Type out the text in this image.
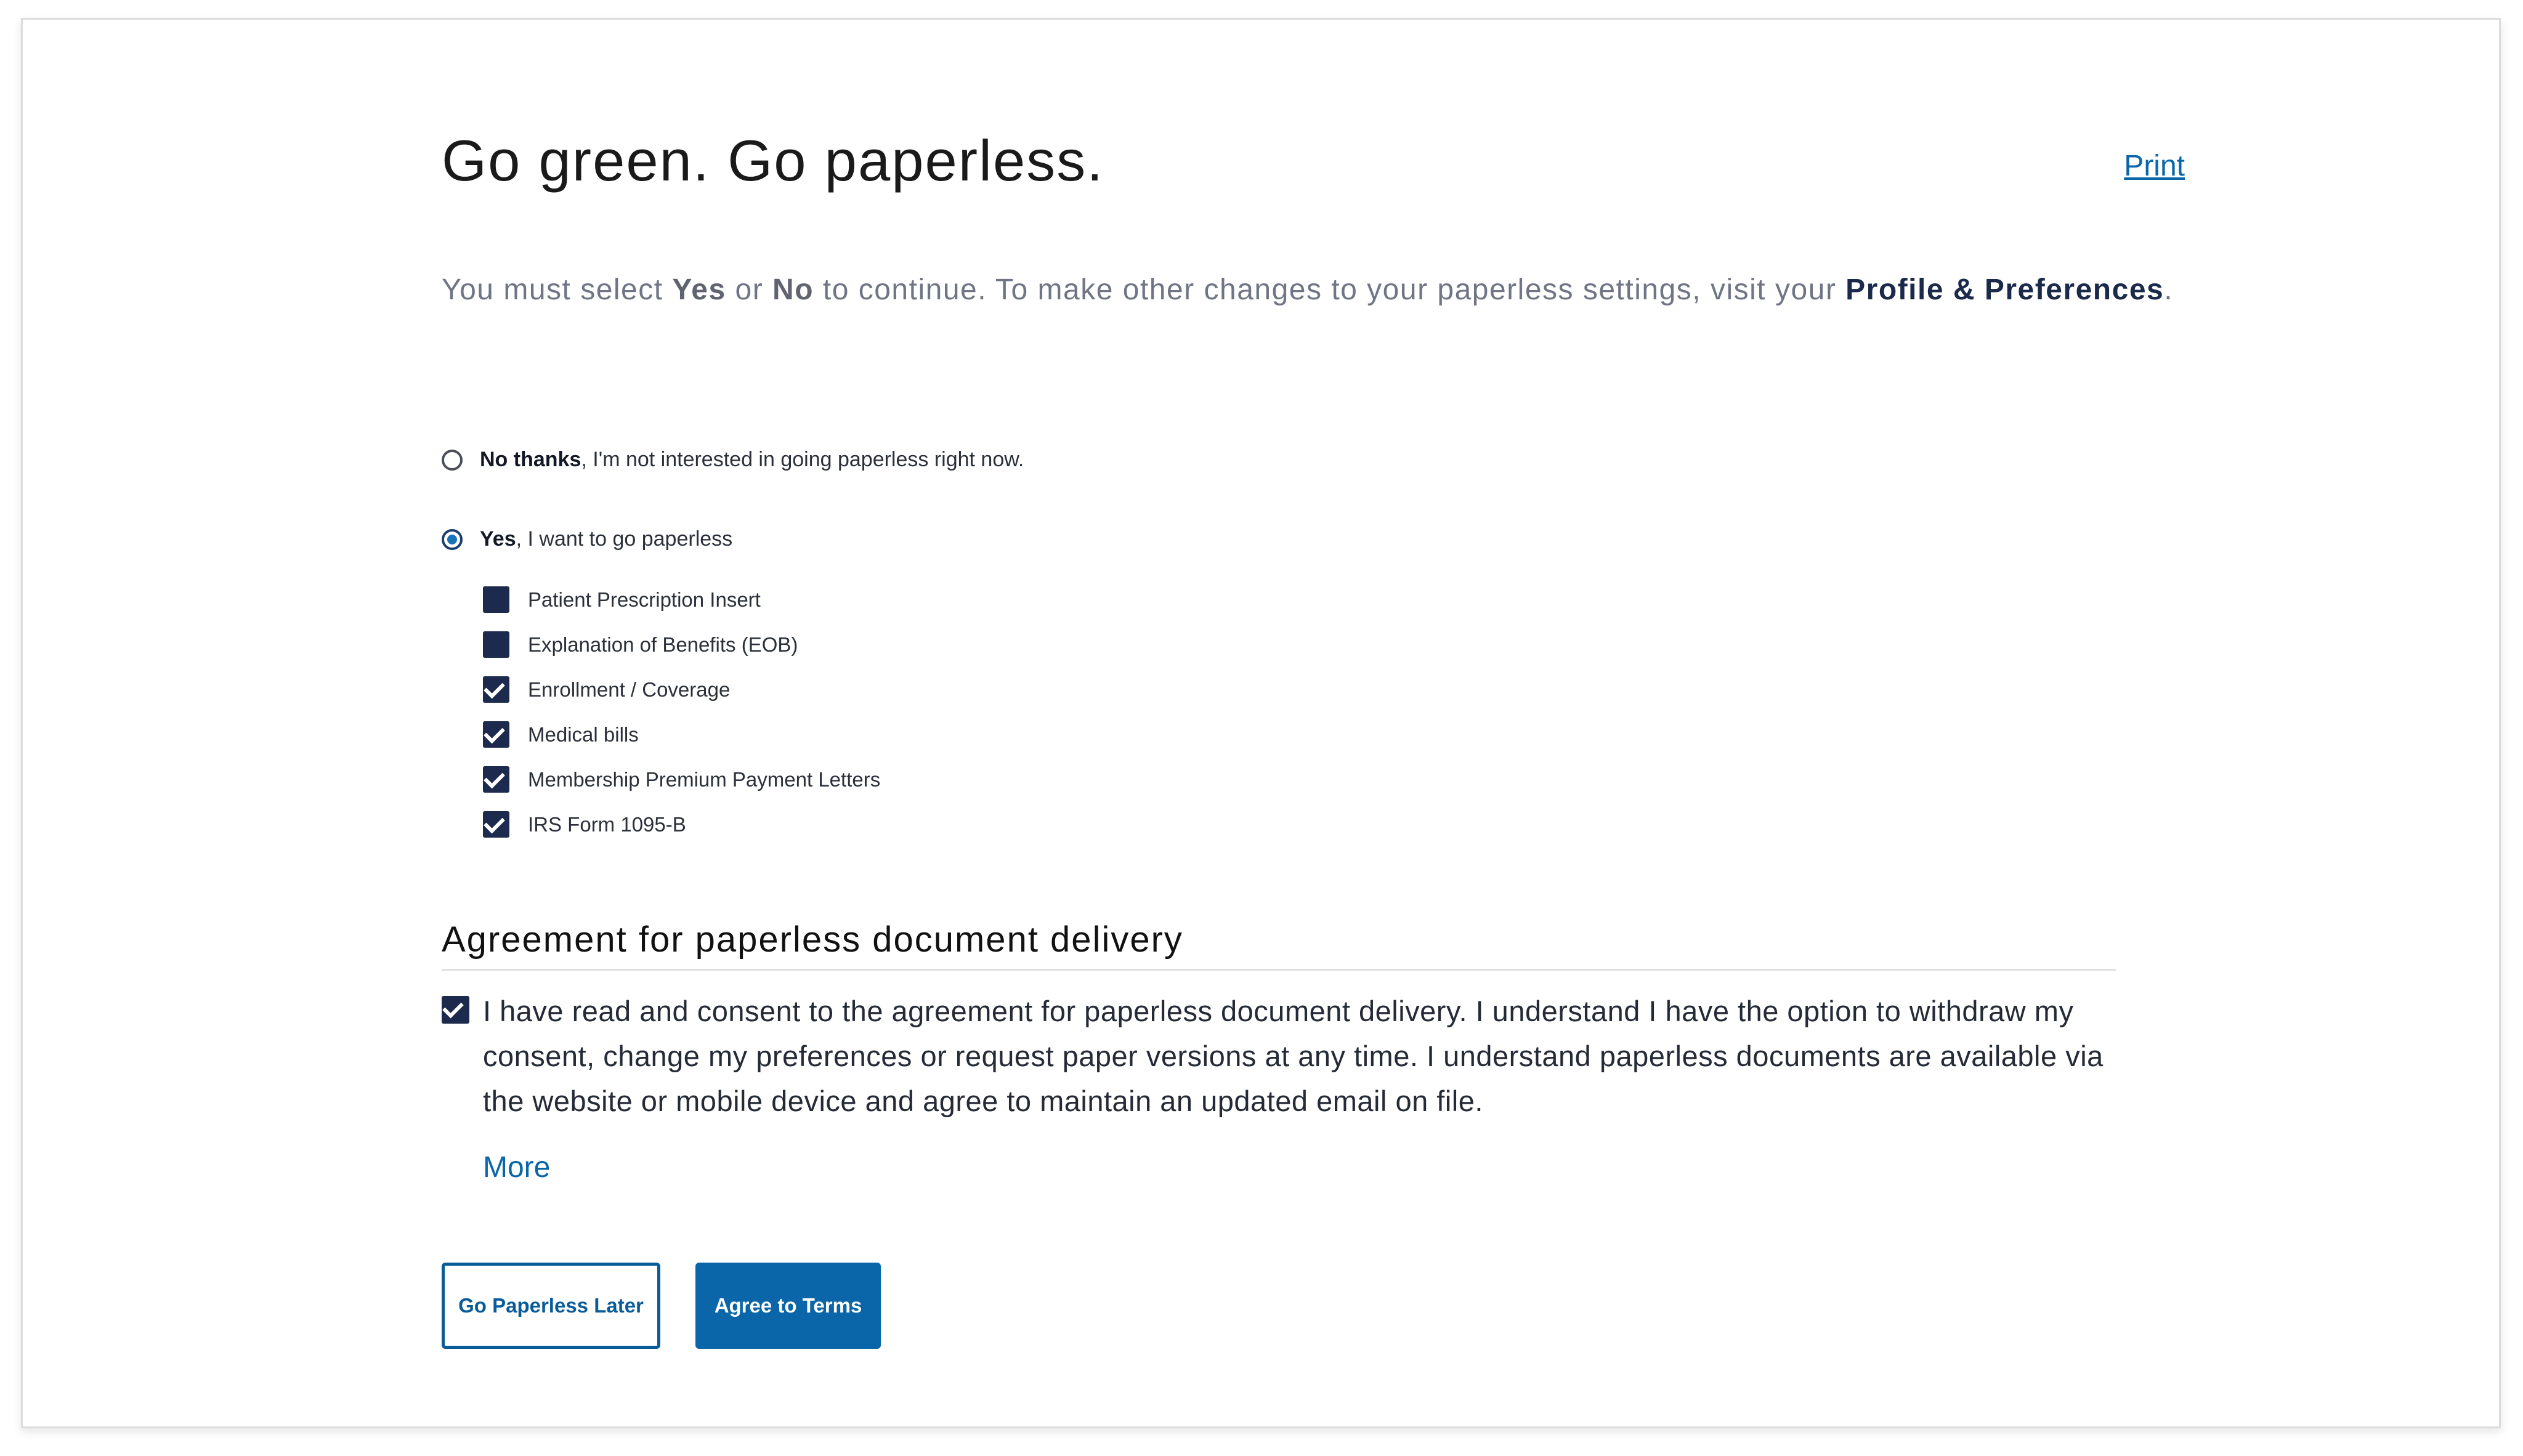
Go green. Go paperless.	Print

You must select Yes or No to continue. To make other changes to your paperless settings, visit your Profile & Preferences.

No thanks, I'm not interested in going paperless right now.
Yes, I want to go paperless
Patient Prescription Insert
Explanation of Benefits (EOB)
Enrollment / Coverage
Medical bills
Membership Premium Payment Letters
IRS Form 1095-B
Agreement for paperless document delivery

I have read and consent to the agreement for paperless document delivery. I understand I have the option to withdraw my consent, change my preferences or request paper versions at any time. I understand paperless documents are available via the website or mobile device and agree to maintain an updated email on file.

More
Go Paperless Later	Agree to Terms
